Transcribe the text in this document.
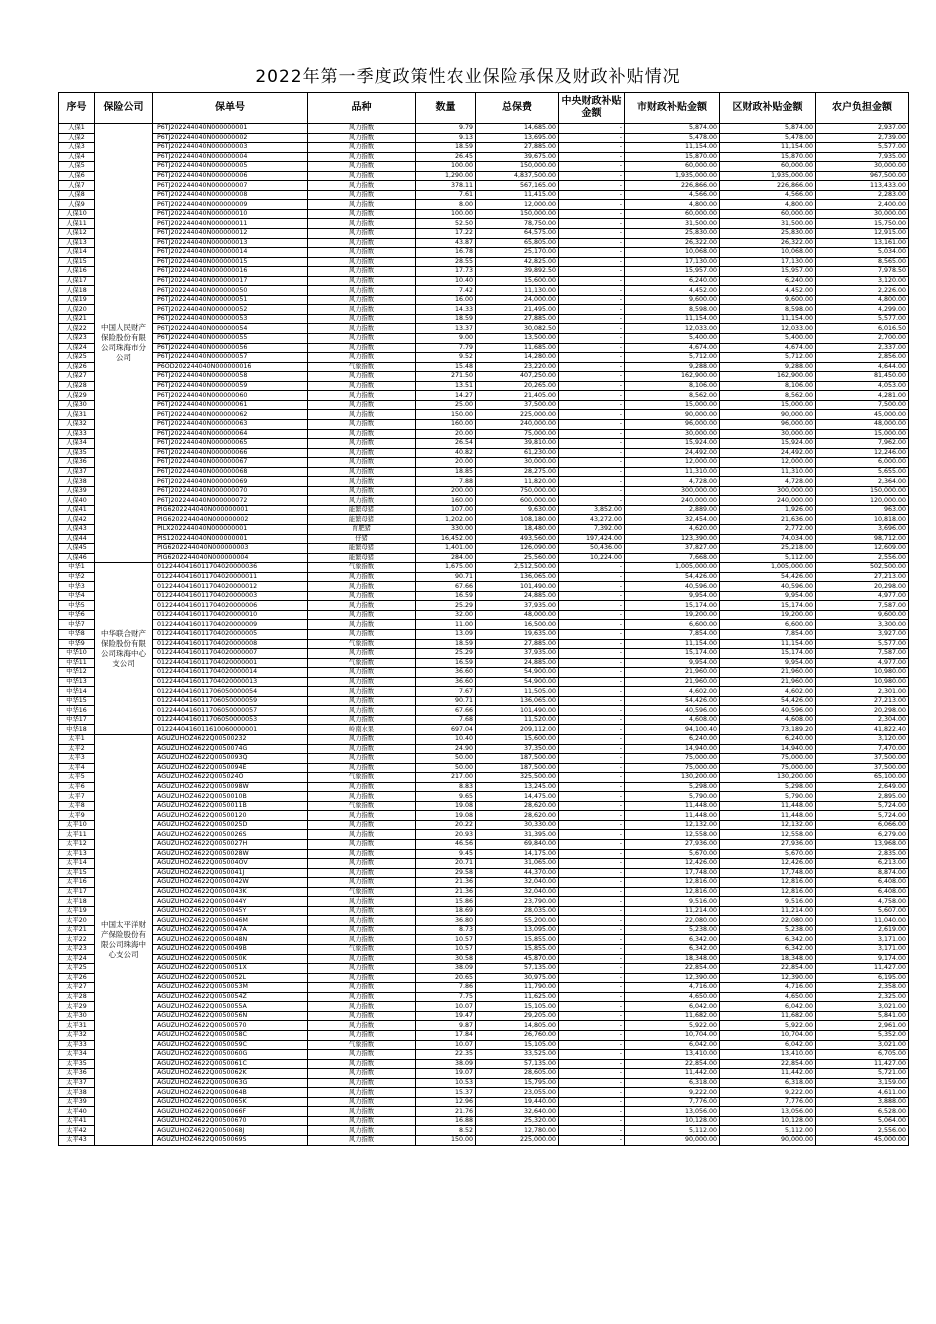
2022年第一季度政策性农业保险承保及财政补贴情况
序号	保险公司	保单号	品种	数量	总保费	中央财政补贴金额	市财政补贴金额	区财政补贴金额	农户负担金额
人保1	中国人民财产保险股份有限公司珠海市分公司	P6TJ202244040N000000001	风力指数	9.79	14,685.00	-	5,874.00	5,874.00	2,937.00
人保2		P6TJ202244040N000000002	风力指数	9.13	13,695.00	-	5,478.00	5,478.00	2,739.00
人保3		P6TJ202244040N000000003	风力指数	18.59	27,885.00	-	11,154.00	11,154.00	5,577.00
人保4		P6TJ202244040N000000004	风力指数	26.45	39,675.00	-	15,870.00	15,870.00	7,935.00
人保5		P6TJ202244040N000000005	风力指数	100.00	150,000.00	-	60,000.00	60,000.00	30,000.00
人保6		P6TJ202244040N000000006	风力指数	1,290.00	4,837,500.00	-	1,935,000.00	1,935,000.00	967,500.00
人保7		P6TJ202244040N000000007	风力指数	378.11	567,165.00	-	226,866.00	226,866.00	113,433.00
人保8		P6TJ202244040N000000008	风力指数	7.61	11,415.00	-	4,566.00	4,566.00	2,283.00
人保9		P6TJ202244040N000000009	风力指数	8.00	12,000.00	-	4,800.00	4,800.00	2,400.00
人保10		P6TJ202244040N000000010	风力指数	100.00	150,000.00	-	60,000.00	60,000.00	30,000.00
人保11		P6TJ202244040N000000011	风力指数	52.50	78,750.00	-	31,500.00	31,500.00	15,750.00
人保12		P6TJ202244040N000000012	风力指数	17.22	64,575.00	-	25,830.00	25,830.00	12,915.00
人保13		P6TJ202244040N000000013	风力指数	43.87	65,805.00	-	26,322.00	26,322.00	13,161.00
人保14		P6TJ202244040N000000014	风力指数	16.78	25,170.00	-	10,068.00	10,068.00	5,034.00
人保15		P6TJ202244040N000000015	风力指数	28.55	42,825.00	-	17,130.00	17,130.00	8,565.00
人保16		P6TJ202244040N000000016	风力指数	17.73	39,892.50	-	15,957.00	15,957.00	7,978.50
人保17		P6TJ202244040N000000017	风力指数	10.40	15,600.00	-	6,240.00	6,240.00	3,120.00
人保18		P6TJ202244040N000000050	风力指数	7.42	11,130.00	-	4,452.00	4,452.00	2,226.00
人保19		P6TJ202244040N000000051	风力指数	16.00	24,000.00	-	9,600.00	9,600.00	4,800.00
人保20		P6TJ202244040N000000052	风力指数	14.33	21,495.00	-	8,598.00	8,598.00	4,299.00
人保21		P6TJ202244040N000000053	风力指数	18.59	27,885.00	-	11,154.00	11,154.00	5,577.00
人保22		P6TJ202244040N000000054	风力指数	13.37	30,082.50	-	12,033.00	12,033.00	6,016.50
人保23		P6TJ202244040N000000055	风力指数	9.00	13,500.00	-	5,400.00	5,400.00	2,700.00
人保24		P6TJ202244040N000000056	风力指数	7.79	11,685.00	-	4,674.00	4,674.00	2,337.00
人保25		P6TJ202244040N000000057	风力指数	9.52	14,280.00	-	5,712.00	5,712.00	2,856.00
人保26		P6OD202244040N000000016	气象指数	15.48	23,220.00	-	9,288.00	9,288.00	4,644.00
人保27		P6TJ202244040N000000058	风力指数	271.50	407,250.00	-	162,900.00	162,900.00	81,450.00
人保28		P6TJ202244040N000000059	风力指数	13.51	20,265.00	-	8,106.00	8,106.00	4,053.00
人保29		P6TJ202244040N000000060	风力指数	14.27	21,405.00	-	8,562.00	8,562.00	4,281.00
人保30		P6TJ202244040N000000061	风力指数	25.00	37,500.00	-	15,000.00	15,000.00	7,500.00
人保31		P6TJ202244040N000000062	风力指数	150.00	225,000.00	-	90,000.00	90,000.00	45,000.00
人保32		P6TJ202244040N000000063	风力指数	160.00	240,000.00	-	96,000.00	96,000.00	48,000.00
人保33		P6TJ202244040N000000064	风力指数	20.00	75,000.00	-	30,000.00	30,000.00	15,000.00
人保34		P6TJ202244040N000000065	风力指数	26.54	39,810.00	-	15,924.00	15,924.00	7,962.00
人保35		P6TJ202244040N000000066	风力指数	40.82	61,230.00	-	24,492.00	24,492.00	12,246.00
人保36		P6TJ202244040N000000067	风力指数	20.00	30,000.00	-	12,000.00	12,000.00	6,000.00
人保37		P6TJ202244040N000000068	风力指数	18.85	28,275.00	-	11,310.00	11,310.00	5,655.00
人保38		P6TJ202244040N000000069	风力指数	7.88	11,820.00	-	4,728.00	4,728.00	2,364.00
人保39		P6TJ202244040N000000070	风力指数	200.00	750,000.00	-	300,000.00	300,000.00	150,000.00
人保40		P6TJ202244040N000000072	风力指数	160.00	600,000.00	-	240,000.00	240,000.00	120,000.00
人保41		PIG6202244040N000000001	能繁母猪	107.00	9,630.00	3,852.00	2,889.00	1,926.00	963.00
人保42		PIG6202244040N000000002	能繁母猪	1,202.00	108,180.00	43,272.00	32,454.00	21,636.00	10,818.00
人保43		PILX202244040N000000001	育肥猪	330.00	18,480.00	7,392.00	4,620.00	2,772.00	3,696.00
人保44		PIS1202244040N000000001	仔猪	16,452.00	493,560.00	197,424.00	123,390.00	74,034.00	98,712.00
人保45		PIG6202244040N000000003	能繁母猪	1,401.00	126,090.00	50,436.00	37,827.00	25,218.00	12,609.00
人保46		PIG6202244040N000000004	能繁母猪	284.00	25,560.00	10,224.00	7,668.00	5,112.00	2,556.00
中华1	中华联合财产保险股份有限公司珠海中心支公司	0122440416011704020000036	气象指数	1,675.00	2,512,500.00	-	1,005,000.00	1,005,000.00	502,500.00
中华2		0122440416011704020000011	风力指数	90.71	136,065.00	-	54,426.00	54,426.00	27,213.00
中华3		0122440416011704020000012	风力指数	67.66	101,490.00	-	40,596.00	40,596.00	20,298.00
中华4		0122440416011704020000003	风力指数	16.59	24,885.00	-	9,954.00	9,954.00	4,977.00
中华5		0122440416011704020000006	风力指数	25.29	37,935.00	-	15,174.00	15,174.00	7,587.00
中华6		0122440416011704020000010	风力指数	32.00	48,000.00	-	19,200.00	19,200.00	9,600.00
中华7		0122440416011704020000009	风力指数	11.00	16,500.00	-	6,600.00	6,600.00	3,300.00
中华8		0122440416011704020000005	风力指数	13.09	19,635.00	-	7,854.00	7,854.00	3,927.00
中华9		0122440416011704020000008	气象指数	18.59	27,885.00	-	11,154.00	11,154.00	5,577.00
中华10		0122440416011704020000007	风力指数	25.29	37,935.00	-	15,174.00	15,174.00	7,587.00
中华11		0122440416011704020000001	气象指数	16.59	24,885.00	-	9,954.00	9,954.00	4,977.00
中华12		0122440416011704020000014	风力指数	36.60	54,900.00	-	21,960.00	21,960.00	10,980.00
中华13		0122440416011704020000013	风力指数	36.60	54,900.00	-	21,960.00	21,960.00	10,980.00
中华14		0122440416011706050000054	风力指数	7.67	11,505.00	-	4,602.00	4,602.00	2,301.00
中华15		0122440416011706050000059	风力指数	90.71	136,065.00	-	54,426.00	54,426.00	27,213.00
中华16		0122440416011706050000057	风力指数	67.66	101,490.00	-	40,596.00	40,596.00	20,298.00
中华17		0122440416011706050000053	风力指数	7.68	11,520.00	-	4,608.00	4,608.00	2,304.00
中华18		0122440416011610060000001	岭南水果	697.04	209,112.00	-	94,100.40	73,189.20	41,822.40
太平1	中国太平洋财产保险股份有限公司珠海中心支公司	AGUZUHOZ4622Q00500232	风力指数	10.40	15,600.00	-	6,240.00	6,240.00	3,120.00
太平2		AGUZUHOZ4622Q0050074G	风力指数	24.90	37,350.00	-	14,940.00	14,940.00	7,470.00
太平3		AGUZUHOZ4622Q0050093Q	风力指数	50.00	187,500.00	-	75,000.00	75,000.00	37,500.00
太平4		AGUZUHOZ4622Q0050094E	风力指数	50.00	187,500.00	-	75,000.00	75,000.00	37,500.00
太平5		AGUZUHOZ4622Q005024O	气象指数	217.00	325,500.00	-	130,200.00	130,200.00	65,100.00
太平6		AGUZUHOZ4622Q0050098W	风力指数	8.83	13,245.00	-	5,298.00	5,298.00	2,649.00
太平7		AGUZUHOZ4622Q0050010B	风力指数	9.65	14,475.00	-	5,790.00	5,790.00	2,895.00
太平8		AGUZUHOZ4622Q0050011B	气象指数	19.08	28,620.00	-	11,448.00	11,448.00	5,724.00
太平9		AGUZUHOZ4622Q00500120	风力指数	19.08	28,620.00	-	11,448.00	11,448.00	5,724.00
太平10		AGUZUHOZ4622Q0050025D	风力指数	20.22	30,330.00	-	12,132.00	12,132.00	6,066.00
太平11		AGUZUHOZ4622Q0050026S	风力指数	20.93	31,395.00	-	12,558.00	12,558.00	6,279.00
太平12		AGUZUHOZ4622Q0050027H	风力指数	46.56	69,840.00	-	27,936.00	27,936.00	13,968.00
太平13		AGUZUHOZ4622Q0050028W	风力指数	9.45	14,175.00	-	5,670.00	5,670.00	2,835.00
太平14		AGUZUHOZ4622Q005004OV	风力指数	20.71	31,065.00	-	12,426.00	12,426.00	6,213.00
太平15		AGUZUHOZ4622Q0050041J	风力指数	29.58	44,370.00	-	17,748.00	17,748.00	8,874.00
太平16		AGUZUHOZ4622Q0050042W	风力指数	21.36	32,040.00	-	12,816.00	12,816.00	6,408.00
太平17		AGUZUHOZ4622Q0050043K	气象指数	21.36	32,040.00	-	12,816.00	12,816.00	6,408.00
太平18		AGUZUHOZ4622Q0050044Y	风力指数	15.86	23,790.00	-	9,516.00	9,516.00	4,758.00
太平19		AGUZUHOZ4622Q0050045Y	风力指数	18.69	28,035.00	-	11,214.00	11,214.00	5,607.00
太平20		AGUZUHOZ4622Q0050046M	风力指数	36.80	55,200.00	-	22,080.00	22,080.00	11,040.00
太平21		AGUZUHOZ4622Q0050047A	风力指数	8.73	13,095.00	-	5,238.00	5,238.00	2,619.00
太平22		AGUZUHOZ4622Q0050048N	风力指数	10.57	15,855.00	-	6,342.00	6,342.00	3,171.00
太平23		AGUZUHOZ4622Q0050049B	气象指数	10.57	15,855.00	-	6,342.00	6,342.00	3,171.00
太平24		AGUZUHOZ4622Q0050050K	风力指数	30.58	45,870.00	-	18,348.00	18,348.00	9,174.00
太平25		AGUZUHOZ4622Q0050051X	风力指数	38.09	57,135.00	-	22,854.00	22,854.00	11,427.00
太平26		AGUZUHOZ4622Q0050052L	风力指数	20.65	30,975.00	-	12,390.00	12,390.00	6,195.00
太平27		AGUZUHOZ4622Q0050053M	风力指数	7.86	11,790.00	-	4,716.00	4,716.00	2,358.00
太平28		AGUZUHOZ4622Q0050054Z	风力指数	7.75	11,625.00	-	4,650.00	4,650.00	2,325.00
太平29		AGUZUHOZ4622Q0050055A	风力指数	10.07	15,105.00	-	6,042.00	6,042.00	3,021.00
太平30		AGUZUHOZ4622Q0050056N	风力指数	19.47	29,205.00	-	11,682.00	11,682.00	5,841.00
太平31		AGUZUHOZ4622Q00500570	风力指数	9.87	14,805.00	-	5,922.00	5,922.00	2,961.00
太平32		AGUZUHOZ4622Q0050058C	风力指数	17.84	26,760.00	-	10,704.00	10,704.00	5,352.00
太平33		AGUZUHOZ4622Q0050059C	气象指数	10.07	15,105.00	-	6,042.00	6,042.00	3,021.00
太平34		AGUZUHOZ4622Q0050060G	风力指数	22.35	33,525.00	-	13,410.00	13,410.00	6,705.00
太平35		AGUZUHOZ4622Q0050061C	风力指数	38.09	57,135.00	-	22,854.00	22,854.00	11,427.00
太平36		AGUZUHOZ4622Q0050062K	风力指数	19.07	28,605.00	-	11,442.00	11,442.00	5,721.00
太平37		AGUZUHOZ4622Q0050063G	风力指数	10.53	15,795.00	-	6,318.00	6,318.00	3,159.00
太平38		AGUZUHOZ4622Q0050064B	风力指数	15.37	23,055.00	-	9,222.00	9,222.00	4,611.00
太平39		AGUZUHOZ4622Q0050065K	风力指数	12.96	19,440.00	-	7,776.00	7,776.00	3,888.00
太平40		AGUZUHOZ4622Q0050066F	风力指数	21.76	32,640.00	-	13,056.00	13,056.00	6,528.00
太平41		AGUZUHOZ4622Q00500670	风力指数	16.88	25,320.00	-	10,128.00	10,128.00	5,064.00
太平42		AGUZUHOZ4622Q0050068J	风力指数	8.52	12,780.00	-	5,112.00	5,112.00	2,556.00
太平43		AGUZUHOZ4622Q0050069S	风力指数	150.00	225,000.00	-	90,000.00	90,000.00	45,000.00
